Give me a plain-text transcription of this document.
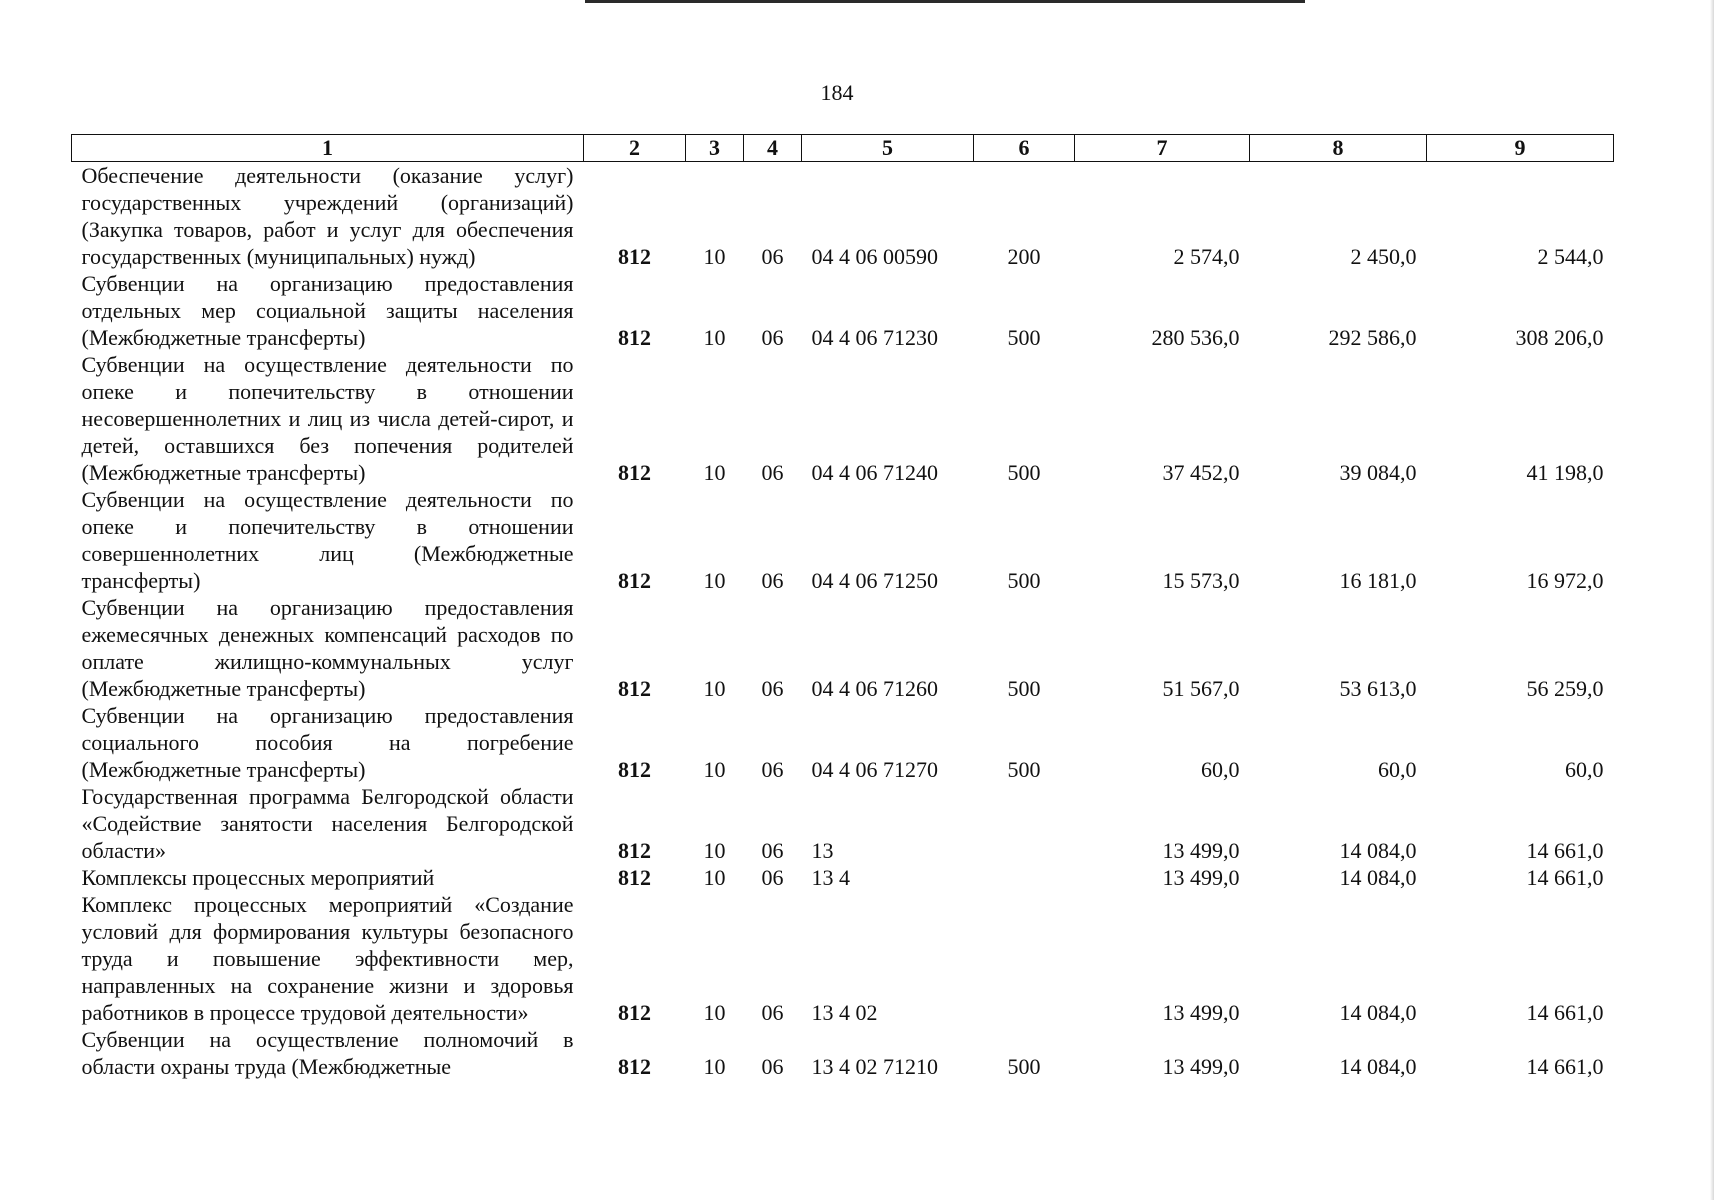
184
1	2	3	4	5	6	7	8	9
Обеспечение деятельности (оказание услуг) государственных учреждений (организаций) (Закупка товаров, работ и услуг для обеспечения государственных (муниципальных) нужд)	812	10	06	04 4 06 00590	200	2 574,0	2 450,0	2 544,0
Субвенции на организацию предоставления отдельных мер социальной защиты населения (Межбюджетные трансферты)	812	10	06	04 4 06 71230	500	280 536,0	292 586,0	308 206,0
Субвенции на осуществление деятельности по опеке и попечительству в отношении несовершеннолетних и лиц из числа детей-сирот, и детей, оставшихся без попечения родителей (Межбюджетные трансферты)	812	10	06	04 4 06 71240	500	37 452,0	39 084,0	41 198,0
Субвенции на осуществление деятельности по опеке и попечительству в отношении совершеннолетних лиц (Межбюджетные трансферты)	812	10	06	04 4 06 71250	500	15 573,0	16 181,0	16 972,0
Субвенции на организацию предоставления ежемесячных денежных компенсаций расходов по оплате жилищно-коммунальных услуг (Межбюджетные трансферты)	812	10	06	04 4 06 71260	500	51 567,0	53 613,0	56 259,0
Субвенции на организацию предоставления социального пособия на погребение (Межбюджетные трансферты)	812	10	06	04 4 06 71270	500	60,0	60,0	60,0
Государственная программа Белгородской области «Содействие занятости населения Белгородской области»	812	10	06	13		13 499,0	14 084,0	14 661,0
Комплексы процессных мероприятий	812	10	06	13 4		13 499,0	14 084,0	14 661,0
Комплекс процессных мероприятий «Создание условий для формирования культуры безопасного труда и повышение эффективности мер, направленных на сохранение жизни и здоровья работников в процессе трудовой деятельности»	812	10	06	13 4 02		13 499,0	14 084,0	14 661,0
Субвенции на осуществление полномочий в области охраны труда (Межбюджетные	812	10	06	13 4 02 71210	500	13 499,0	14 084,0	14 661,0
